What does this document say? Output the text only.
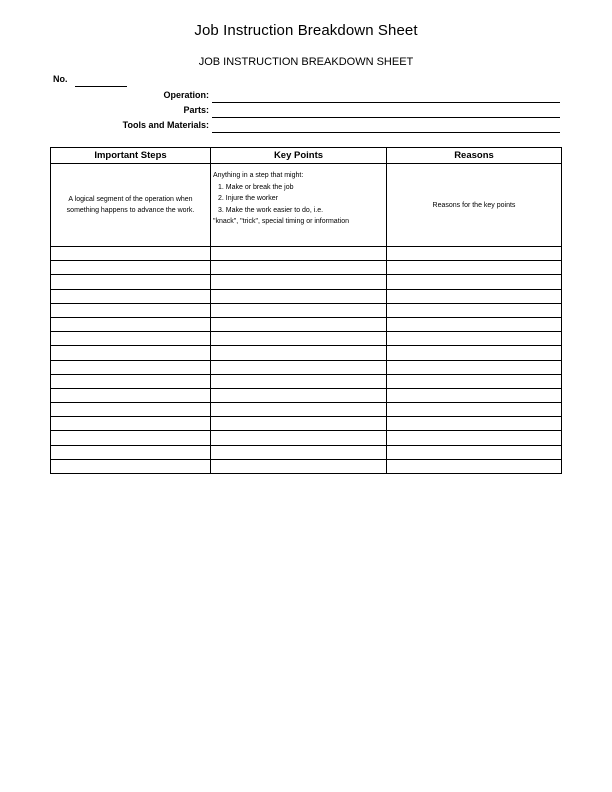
Job Instruction Breakdown Sheet
JOB INSTRUCTION BREAKDOWN SHEET
No.
Operation:
Parts:
Tools and Materials:
Important Steps	Key Points	Reasons
A logical segment of the operation when something happens to advance the work.	Anything in a step that might:
1. Make or break the job
2. Injure the worker
3. Make the work easier to do, i.e.
"knack", "trick", special timing or information	Reasons for the key points
